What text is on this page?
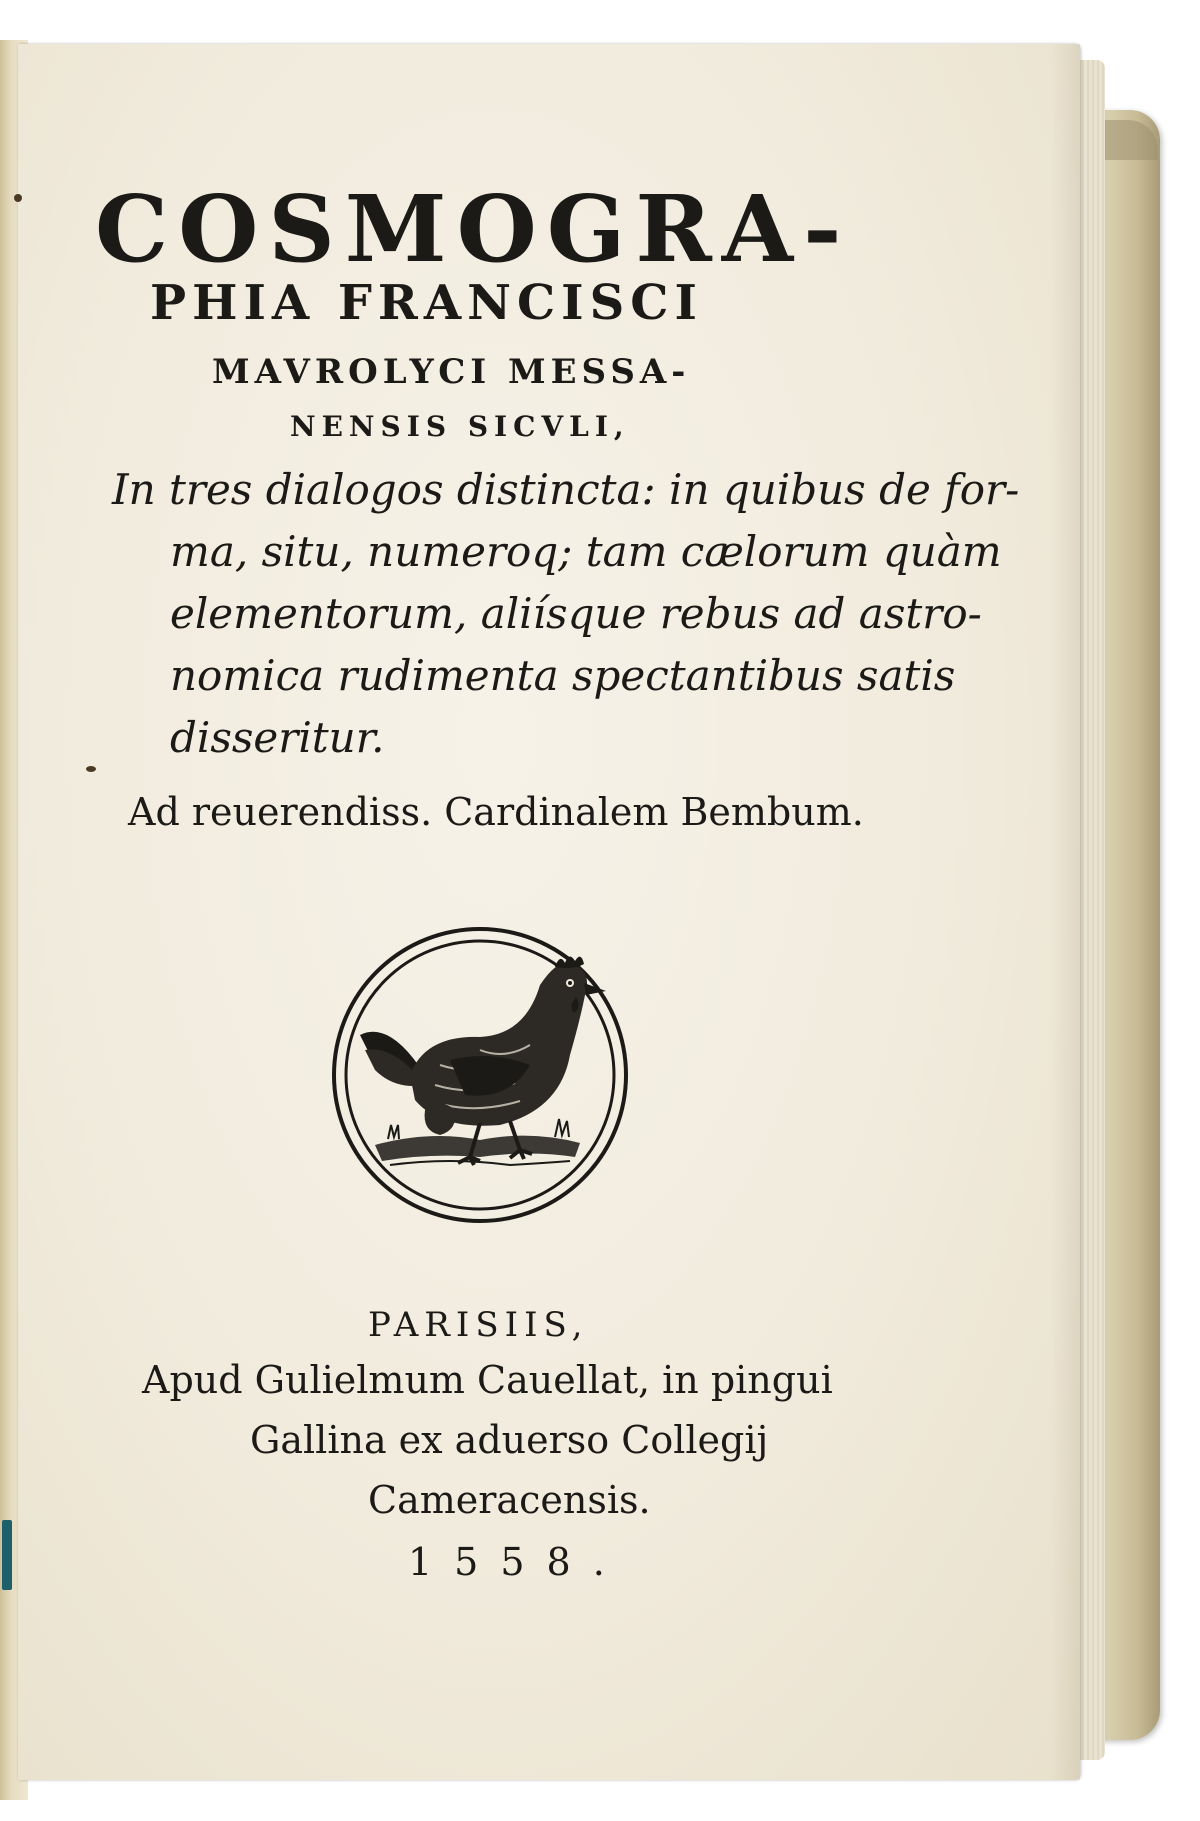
COSMOGRA-
PHIA FRANCISCI
MAVROLYCI MESSA-
NENSIS SICVLI,
In tres dialogos distincta: in quibus de for-
ma, situ, numeroq; tam cælorum quàm
elementorum, aliísque rebus ad astro-
nomica rudimenta spectantibus satis
disseritur.
Ad reuerendiss. Cardinalem Bembum.
PARISIIS,
Apud Gulielmum Cauellat, in pingui
Gallina ex aduerso Collegij
Cameracensis.
1558.
